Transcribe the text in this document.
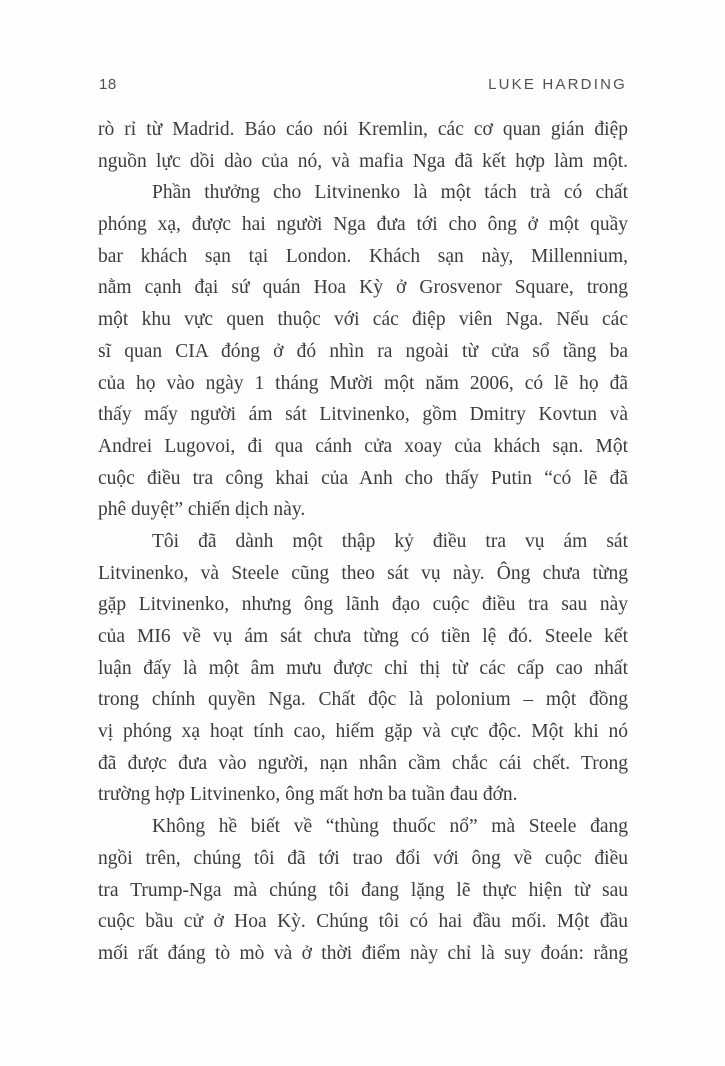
18	LUKE HARDING
rò rỉ từ Madrid. Báo cáo nói Kremlin, các cơ quan gián điệp
nguồn lực dồi dào của nó, và mafia Nga đã kết hợp làm một.
Phần thưởng cho Litvinenko là một tách trà có chất
phóng xạ, được hai người Nga đưa tới cho ông ở một quầy
bar khách sạn tại London. Khách sạn này, Millennium,
nằm cạnh đại sứ quán Hoa Kỳ ở Grosvenor Square, trong
một khu vực quen thuộc với các điệp viên Nga. Nếu các
sĩ quan CIA đóng ở đó nhìn ra ngoài từ cửa sổ tầng ba
của họ vào ngày 1 tháng Mười một năm 2006, có lẽ họ đã
thấy mấy người ám sát Litvinenko, gồm Dmitry Kovtun và
Andrei Lugovoi, đi qua cánh cửa xoay của khách sạn. Một
cuộc điều tra công khai của Anh cho thấy Putin “có lẽ đã
phê duyệt” chiến dịch này.
Tôi đã dành một thập kỷ điều tra vụ ám sát
Litvinenko, và Steele cũng theo sát vụ này. Ông chưa từng
gặp Litvinenko, nhưng ông lãnh đạo cuộc điều tra sau này
của MI6 về vụ ám sát chưa từng có tiền lệ đó. Steele kết
luận đấy là một âm mưu được chỉ thị từ các cấp cao nhất
trong chính quyền Nga. Chất độc là polonium – một đồng
vị phóng xạ hoạt tính cao, hiếm gặp và cực độc. Một khi nó
đã được đưa vào người, nạn nhân cầm chắc cái chết. Trong
trường hợp Litvinenko, ông mất hơn ba tuần đau đớn.
Không hề biết về “thùng thuốc nổ” mà Steele đang
ngồi trên, chúng tôi đã tới trao đổi với ông về cuộc điều
tra Trump-Nga mà chúng tôi đang lặng lẽ thực hiện từ sau
cuộc bầu cử ở Hoa Kỳ. Chúng tôi có hai đầu mối. Một đầu
mối rất đáng tò mò và ở thời điểm này chỉ là suy đoán: rằng
